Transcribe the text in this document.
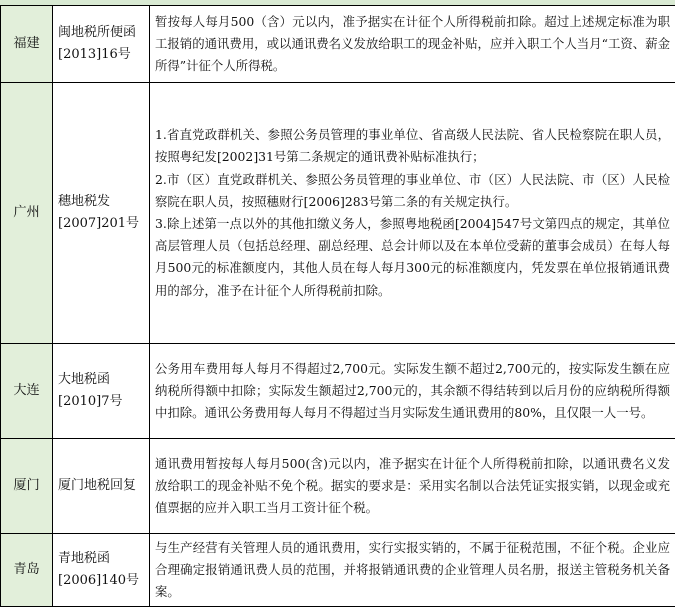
福建	闽地税所便函[2013]16号	暂按每人每月500（含）元以内，准予据实在计征个人所得税前扣除。超过上述规定标准为职工报销的通讯费用，或以通讯费名义发放给职工的现金补贴，应并入职工个人当月“工资、薪金所得”计征个人所得税。

广州	穗地税发[2007]201号	1.省直党政群机关、参照公务员管理的事业单位、省高级人民法院、省人民检察院在职人员，按照粤纪发[2002]31号第二条规定的通讯费补贴标准执行；

2.市（区）直党政群机关、参照公务员管理的事业单位、市（区）人民法院、市（区）人民检察院在职人员，按照穗财行[2006]283号第二条的有关规定执行。

3.除上述第一点以外的其他扣缴义务人，参照粤地税函[2004]547号文第四点的规定，其单位高层管理人员（包括总经理、副总经理、总会计师以及在本单位受薪的董事会成员）在每人每月500元的标准额度内，其他人员在每人每月300元的标准额度内，凭发票在单位报销通讯费用的部分，准予在计征个人所得税前扣除。

大连	大地税函[2010]7号	公务用车费用每人每月不得超过2,700元。实际发生额不超过2,700元的，按实际发生额在应纳税所得额中扣除；实际发生额超过2,700元的，其余额不得结转到以后月份的应纳税所得额中扣除。通讯公务费用每人每月不得超过当月实际发生通讯费用的80%，且仅限一人一号。

厦门	厦门地税回复	通讯费用暂按每人每月500(含)元以内，准予据实在计征个人所得税前扣除，以通讯费名义发放给职工的现金补贴不免个税。据实的要求是：采用实名制以合法凭证实报实销，以现金或充值票据的应并入职工当月工资计征个税。

青岛	青地税函[2006]140号	与生产经营有关管理人员的通讯费用，实行实报实销的，不属于征税范围，不征个税。企业应合理确定报销通讯费人员的范围，并将报销通讯费的企业管理人员名册，报送主管税务机关备案。
